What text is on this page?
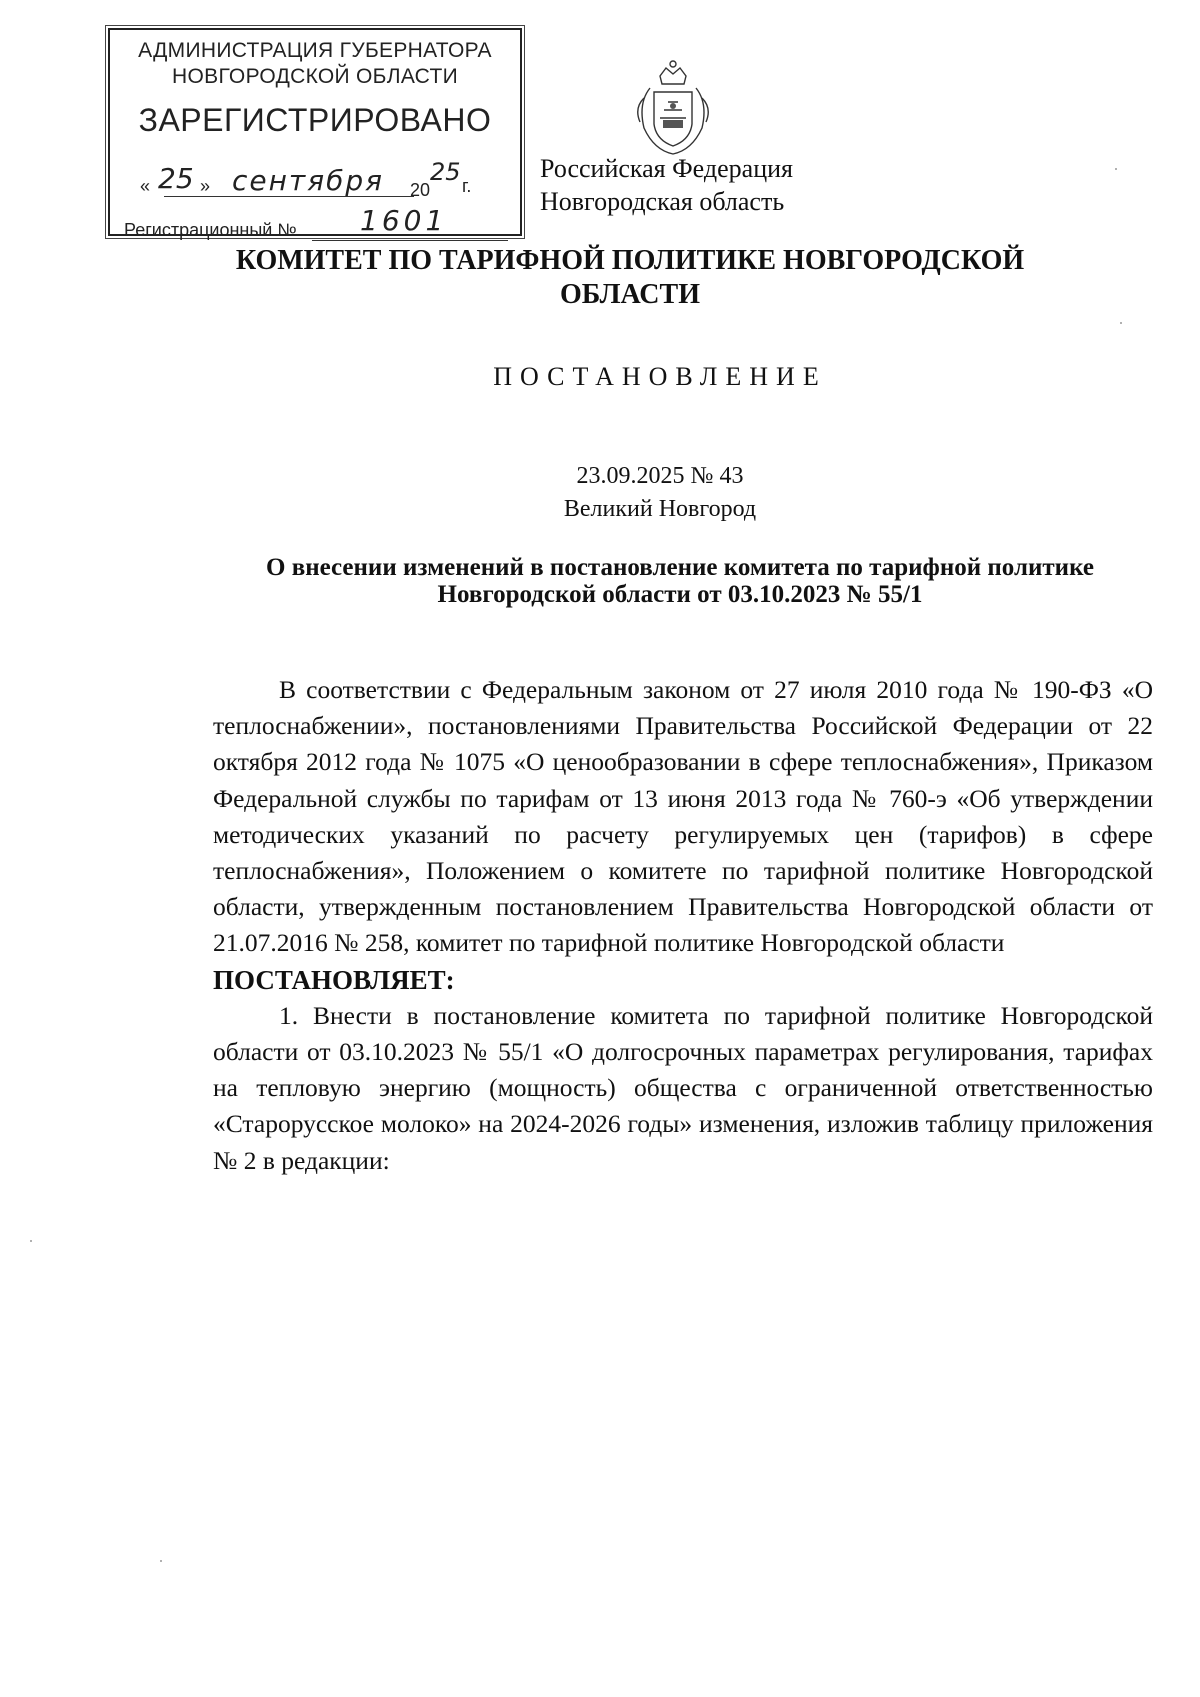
АДМИНИСТРАЦИЯ ГУБЕРНАТОРА
НОВГОРОДСКОЙ ОБЛАСТИ
ЗАРЕГИСТРИРОВАНО
« 25 » сентября 20
25 г.
Регистрационный № 1601
Российская Федерация
Новгородская область
КОМИТЕТ ПО ТАРИФНОЙ ПОЛИТИКЕ НОВГОРОДСКОЙ ОБЛАСТИ
ПОСТАНОВЛЕНИЕ
23.09.2025 № 43
Великий Новгород
О внесении изменений в постановление комитета по тарифной политике Новгородской области от 03.10.2023 № 55/1

В соответствии с Федеральным законом от 27 июля 2010 года № 190-ФЗ «О теплоснабжении», постановлениями Правительства Российской Федерации от 22 октября 2012 года № 1075 «О ценообразовании в сфере теплоснабжения», Приказом Федеральной службы по тарифам от 13 июня 2013 года № 760-э «Об утверждении методических указаний по расчету регулируемых цен (тарифов) в сфере теплоснабжения», Положением о комитете по тарифной политике Новгородской области, утвержденным постановлением Правительства Новгородской области от 21.07.2016 № 258, комитет по тарифной политике Новгородской области

ПОСТАНОВЛЯЕТ:

1. Внести в постановление комитета по тарифной политике Новгородской области от 03.10.2023 № 55/1 «О долгосрочных параметрах регулирования, тарифах на тепловую энергию (мощность) общества с ограниченной ответственностью «Старорусское молоко» на 2024-2026 годы» изменения, изложив таблицу приложения № 2 в редакции:
